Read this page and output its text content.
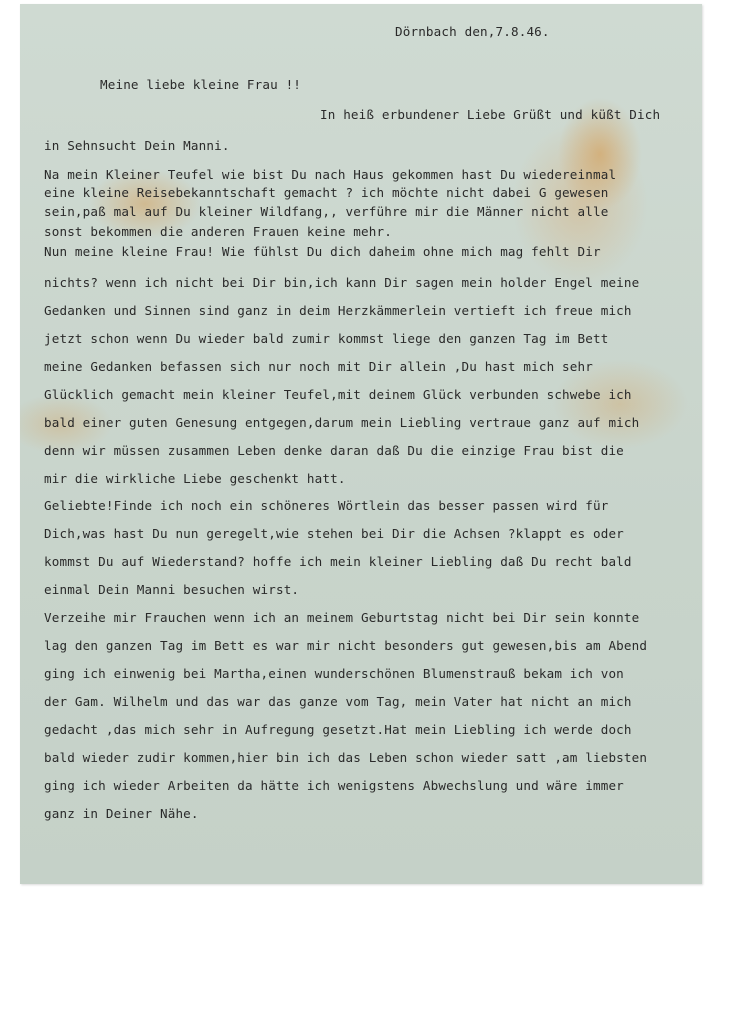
Dörnbach den,7.8.46.
Meine liebe kleine Frau !!
In heiß erbundener Liebe Grüßt und küßt Dich
in Sehnsucht Dein Manni.
Na mein Kleiner Teufel wie bist Du nach Haus gekommen hast Du wiedereinmal
eine kleine Reisebekanntschaft gemacht ? ich möchte nicht dabei G gewesen
sein,paß mal auf Du kleiner Wildfang,, verführe mir die Männer nicht alle
sonst bekommen die anderen Frauen keine mehr.
Nun meine kleine Frau! Wie fühlst Du dich daheim ohne mich mag fehlt Dir
nichts? wenn ich nicht bei Dir bin,ich kann Dir sagen mein holder Engel meine
Gedanken und Sinnen sind ganz in deim Herzkämmerlein vertieft ich freue mich
jetzt schon wenn Du wieder bald zumir kommst liege den ganzen Tag im Bett
meine Gedanken befassen sich nur noch mit Dir allein ,Du hast mich sehr
Glücklich gemacht mein kleiner Teufel,mit deinem Glück verbunden schwebe ich
bald einer guten Genesung entgegen,darum mein Liebling vertraue ganz auf mich
denn wir müssen zusammen Leben denke daran daß Du die einzige Frau bist die
mir die wirkliche Liebe geschenkt hatt.
Geliebte!Finde ich noch ein schöneres Wörtlein das besser passen wird für
Dich,was hast Du nun geregelt,wie stehen bei Dir die Achsen ?klappt es oder
kommst Du auf Wiederstand? hoffe ich mein kleiner Liebling daß Du recht bald
einmal Dein Manni besuchen wirst.
Verzeihe mir Frauchen wenn ich an meinem Geburtstag nicht bei Dir sein konnte
lag den ganzen Tag im Bett es war mir nicht besonders gut gewesen,bis am Abend
ging ich einwenig bei Martha,einen wunderschönen Blumenstrauß bekam ich von
der Gam. Wilhelm und das war das ganze vom Tag, mein Vater hat nicht an mich
gedacht ,das mich sehr in Aufregung gesetzt.Hat mein Liebling ich werde doch
bald wieder zudir kommen,hier bin ich das Leben schon wieder satt ,am liebsten
ging ich wieder Arbeiten da hätte ich wenigstens Abwechslung und wäre immer
ganz in Deiner Nähe.
